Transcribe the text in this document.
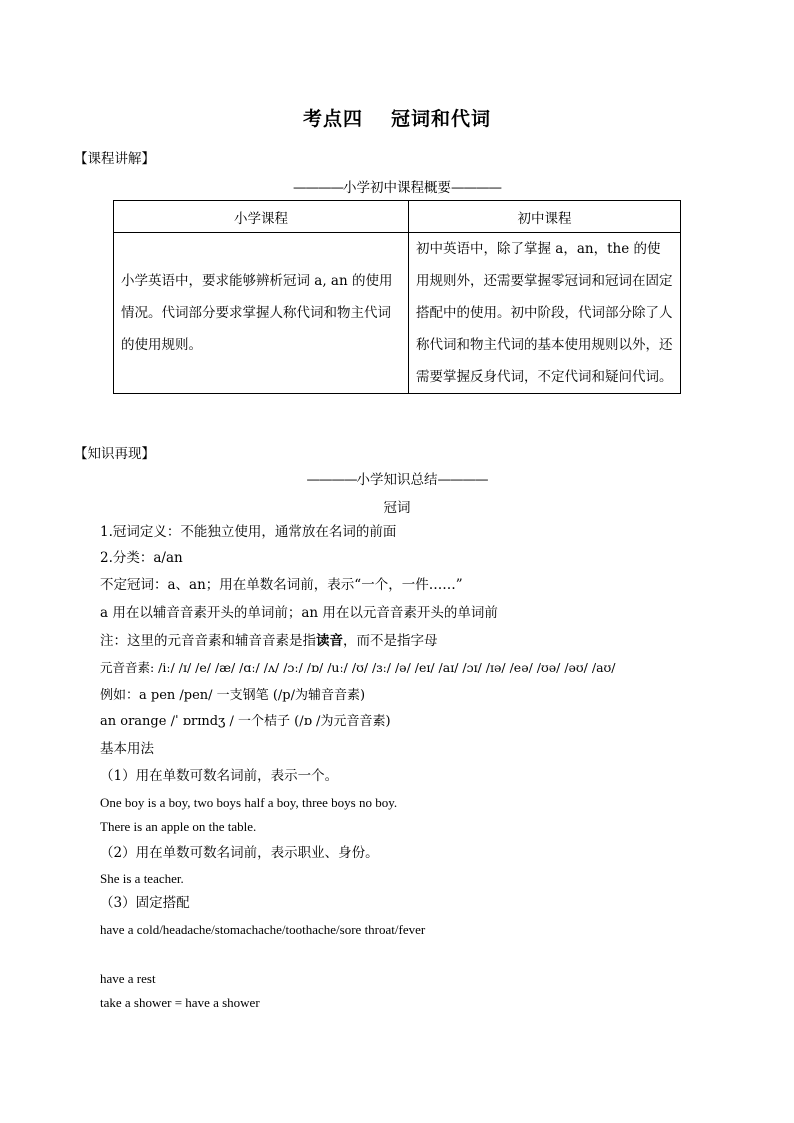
考点四 冠词和代词
【课程讲解】
————小学初中课程概要————
小学课程	初中课程
小学英语中，要求能够辨析冠词 a, an 的使用情况。代词部分要求掌握人称代词和物主代词的使用规则。	初中英语中，除了掌握 a，an，the 的使用规则外，还需要掌握零冠词和冠词在固定搭配中的使用。初中阶段，代词部分除了人称代词和物主代词的基本使用规则以外，还需要掌握反身代词，不定代词和疑问代词。
【知识再现】
————小学知识总结————
冠词
1.冠词定义：不能独立使用，通常放在名词的前面
2.分类：a/an
不定冠词：a、an；用在单数名词前，表示“一个，一件……”
a 用在以辅音音素开头的单词前；an 用在以元音音素开头的单词前
注：这里的元音音素和辅音音素是指读音，而不是指字母
元音音素: /iː/ /ɪ/ /e/ /æ/ /ɑː/ /ʌ/ /ɔː/ /ɒ/ /uː/ /ʊ/ /ɜː/ /ə/ /eɪ/ /aɪ/ /ɔɪ/ /ɪə/ /eə/ /ʊə/ /əʊ/ /aʊ/
例如：a pen /pen/ 一支钢笔 (/p/为辅音音素)
an orange /ˈ ɒrɪndʒ / 一个桔子 (/ɒ /为元音音素)
基本用法
（1）用在单数可数名词前，表示一个。
One boy is a boy, two boys half a boy, three boys no boy.
There is an apple on the table.
（2）用在单数可数名词前，表示职业、身份。
She is a teacher.
（3）固定搭配
have a cold/headache/stomachache/toothache/sore throat/fever
have a rest
take a shower = have a shower
